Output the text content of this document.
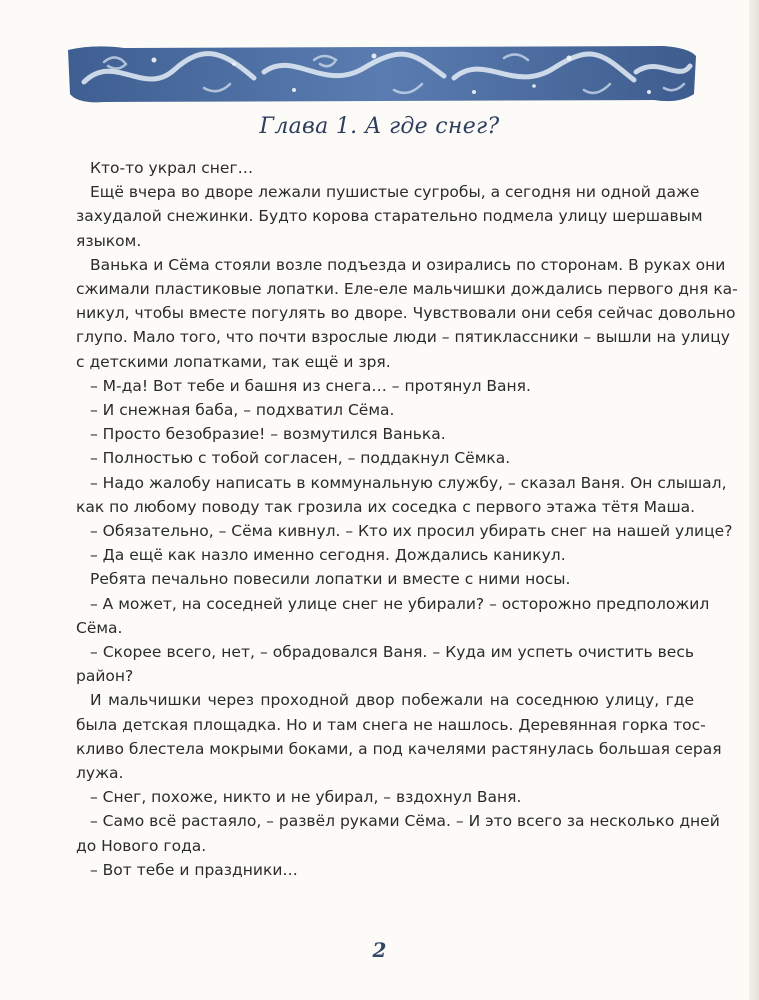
Глава 1. А где снег?
Кто-то украл снег…
Ещё вчера во дворе лежали пушистые сугробы, а сегодня ни одной даже
захудалой снежинки. Будто корова старательно подмела улицу шершавым
языком.
Ванька и Сёма стояли возле подъезда и озирались по сторонам. В руках они
сжимали пластиковые лопатки. Еле-еле мальчишки дождались первого дня ка-
никул, чтобы вместе погулять во дворе. Чувствовали они себя сейчас довольно
глупо. Мало того, что почти взрослые люди – пятиклассники – вышли на улицу
с детскими лопатками, так ещё и зря.
– М-да! Вот тебе и башня из снега… – протянул Ваня.
– И снежная баба, – подхватил Сёма.
– Просто безобразие! – возмутился Ванька.
– Полностью с тобой согласен, – поддакнул Сёмка.
– Надо жалобу написать в коммунальную службу, – сказал Ваня. Он слышал,
как по любому поводу так грозила их соседка с первого этажа тётя Маша.
– Обязательно, – Сёма кивнул. – Кто их просил убирать снег на нашей улице?
– Да ещё как назло именно сегодня. Дождались каникул.
Ребята печально повесили лопатки и вместе с ними носы.
– А может, на соседней улице снег не убирали? – осторожно предположил
Сёма.
– Скорее всего, нет, – обрадовался Ваня. – Куда им успеть очистить весь
район?
И мальчишки через проходной двор побежали на соседнюю улицу, где
была детская площадка. Но и там снега не нашлось. Деревянная горка тос-
кливо блестела мокрыми боками, а под качелями растянулась большая серая
лужа.
– Снег, похоже, никто и не убирал, – вздохнул Ваня.
– Само всё растаяло, – развёл руками Сёма. – И это всего за несколько дней
до Нового года.
– Вот тебе и праздники…
2
